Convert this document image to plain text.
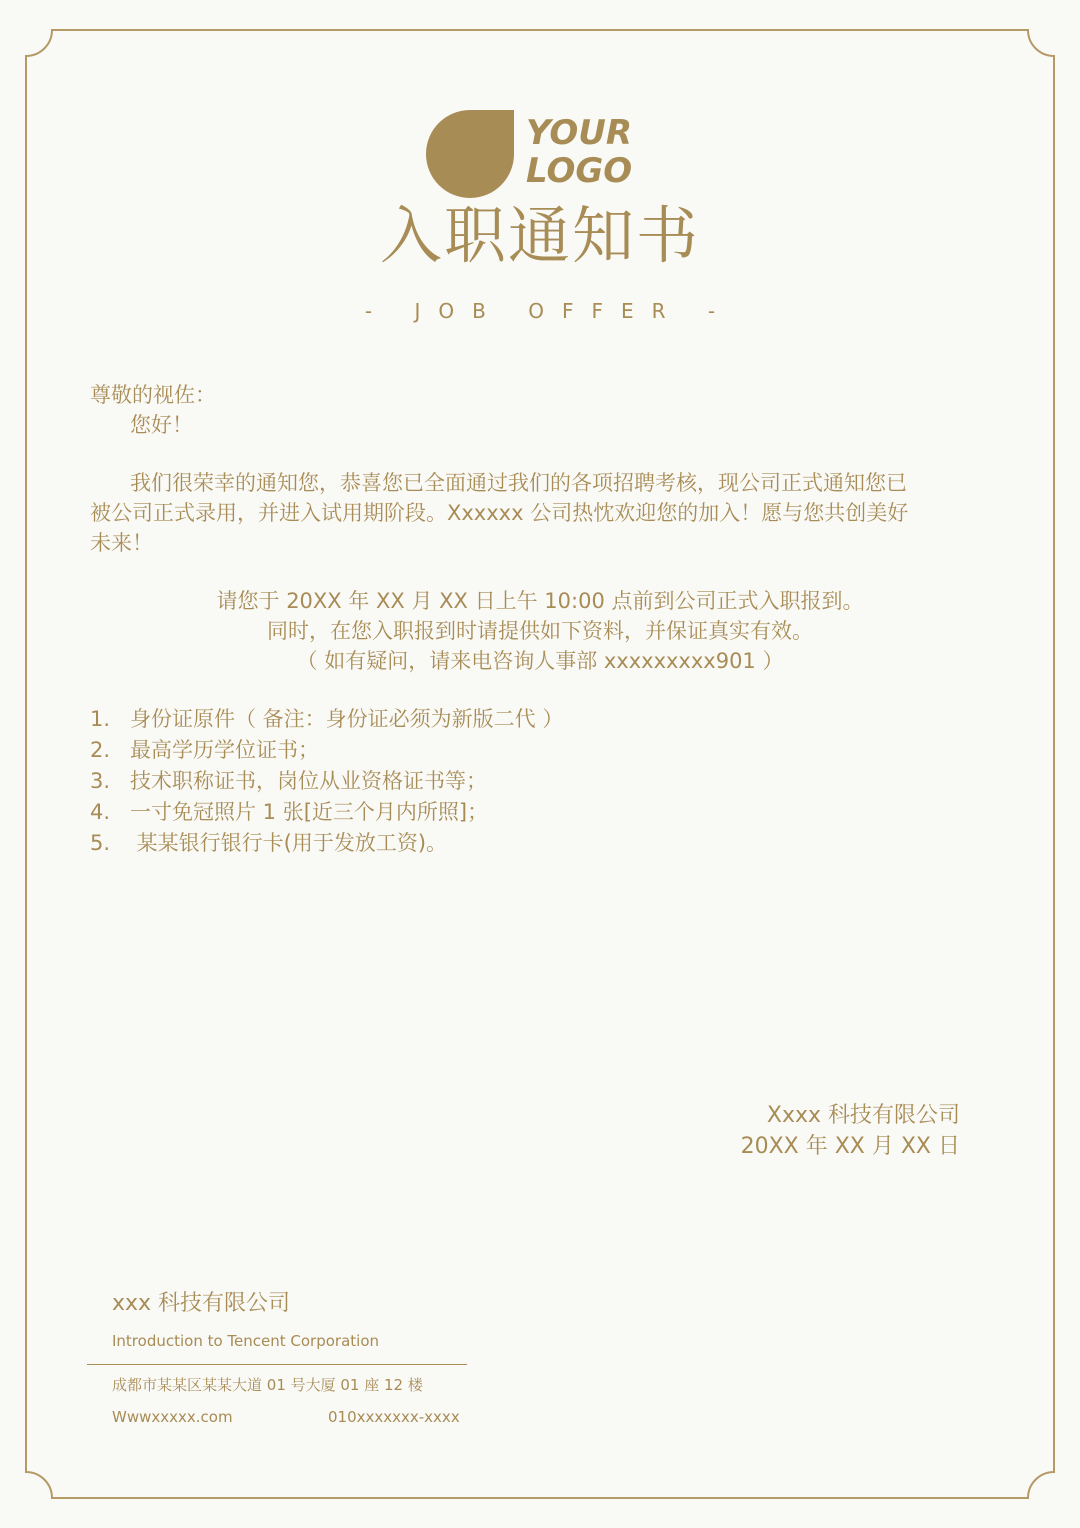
YOUR
LOGO
入职通知书
- JOB OFFER -
尊敬的视佐：
您好！
我们很荣幸的通知您，恭喜您已全面通过我们的各项招聘考核，现公司正式通知您已
被公司正式录用，并进入试用期阶段。Xxxxxx 公司热忱欢迎您的加入！愿与您共创美好
未来！
请您于 20XX 年 XX 月 XX 日上午 10:00 点前到公司正式入职报到。
同时，在您入职报到时请提供如下资料，并保证真实有效。
（ 如有疑问，请来电咨询人事部 xxxxxxxxx901 ）
1. 身份证原件（ 备注：身份证必须为新版二代 ）
2. 最高学历学位证书；
3. 技术职称证书，岗位从业资格证书等；
4. 一寸免冠照片 1 张[近三个月内所照]；
5. 某某银行银行卡(用于发放工资)。
Xxxx 科技有限公司
20XX 年 XX 月 XX 日
xxx 科技有限公司
Introduction to Tencent Corporation
成都市某某区某某大道 01 号大厦 01 座 12 楼
Wwwxxxxx.com	010xxxxxxx-xxxx
